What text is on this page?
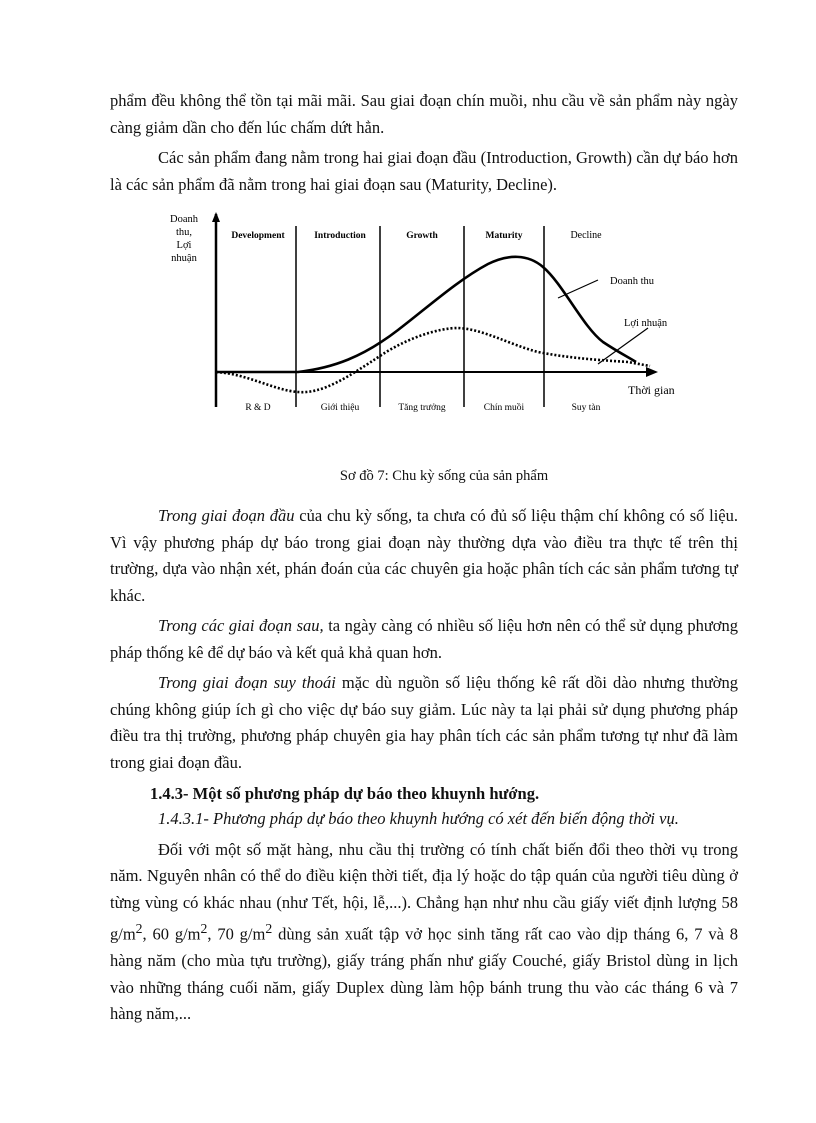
phẩm đều không thể tồn tại mãi mãi. Sau giai đoạn chín muồi, nhu cầu về sản phẩm này ngày càng giảm dần cho đến lúc chấm dứt hẳn.

Các sản phẩm đang nằm trong hai giai đoạn đầu (Introduction, Growth) cần dự báo hơn là các sản phẩm đã nằm trong hai giai đoạn sau (Maturity, Decline).

Doanh
thu,
Lợi
nhuận
Thời gian
Development	Introduction	Growth	Maturity	Decline
R & D	Giới thiệu	Tăng trưởng	Chín muồi	Suy tàn
Doanh thu
Lợi nhuận
Sơ đồ 7: Chu kỳ sống của sản phẩm

Trong giai đoạn đầu của chu kỳ sống, ta chưa có đủ số liệu thậm chí không có số liệu. Vì vậy phương pháp dự báo trong giai đoạn này thường dựa vào điều tra thực tế trên thị trường, dựa vào nhận xét, phán đoán của các chuyên gia hoặc phân tích các sản phẩm tương tự khác.

Trong các giai đoạn sau, ta ngày càng có nhiều số liệu hơn nên có thể sử dụng phương pháp thống kê để dự báo và kết quả khả quan hơn.

Trong giai đoạn suy thoái mặc dù nguồn số liệu thống kê rất dồi dào nhưng thường chúng không giúp ích gì cho việc dự báo suy giảm. Lúc này ta lại phải sử dụng phương pháp điều tra thị trường, phương pháp chuyên gia hay phân tích các sản phẩm tương tự như đã làm trong giai đoạn đầu.

1.4.3- Một số phương pháp dự báo theo khuynh hướng.

1.4.3.1- Phương pháp dự báo theo khuynh hướng có xét đến biến động thời vụ.

Đối với một số mặt hàng, nhu cầu thị trường có tính chất biến đổi theo thời vụ trong năm. Nguyên nhân có thể do điều kiện thời tiết, địa lý hoặc do tập quán của người tiêu dùng ở từng vùng có khác nhau (như Tết, hội, lễ,...). Chẳng hạn như nhu cầu giấy viết định lượng 58 $g/m^2$, 60 $g/m^2$, 70 $g/m^2$ dùng sản xuất tập vở học sinh tăng rất cao vào dịp tháng 6, 7 và 8 hàng năm (cho mùa tựu trường), giấy tráng phấn như giấy Couché, giấy Bristol dùng in lịch vào những tháng cuối năm, giấy Duplex dùng làm hộp bánh trung thu vào các tháng 6 và 7 hàng năm,...
